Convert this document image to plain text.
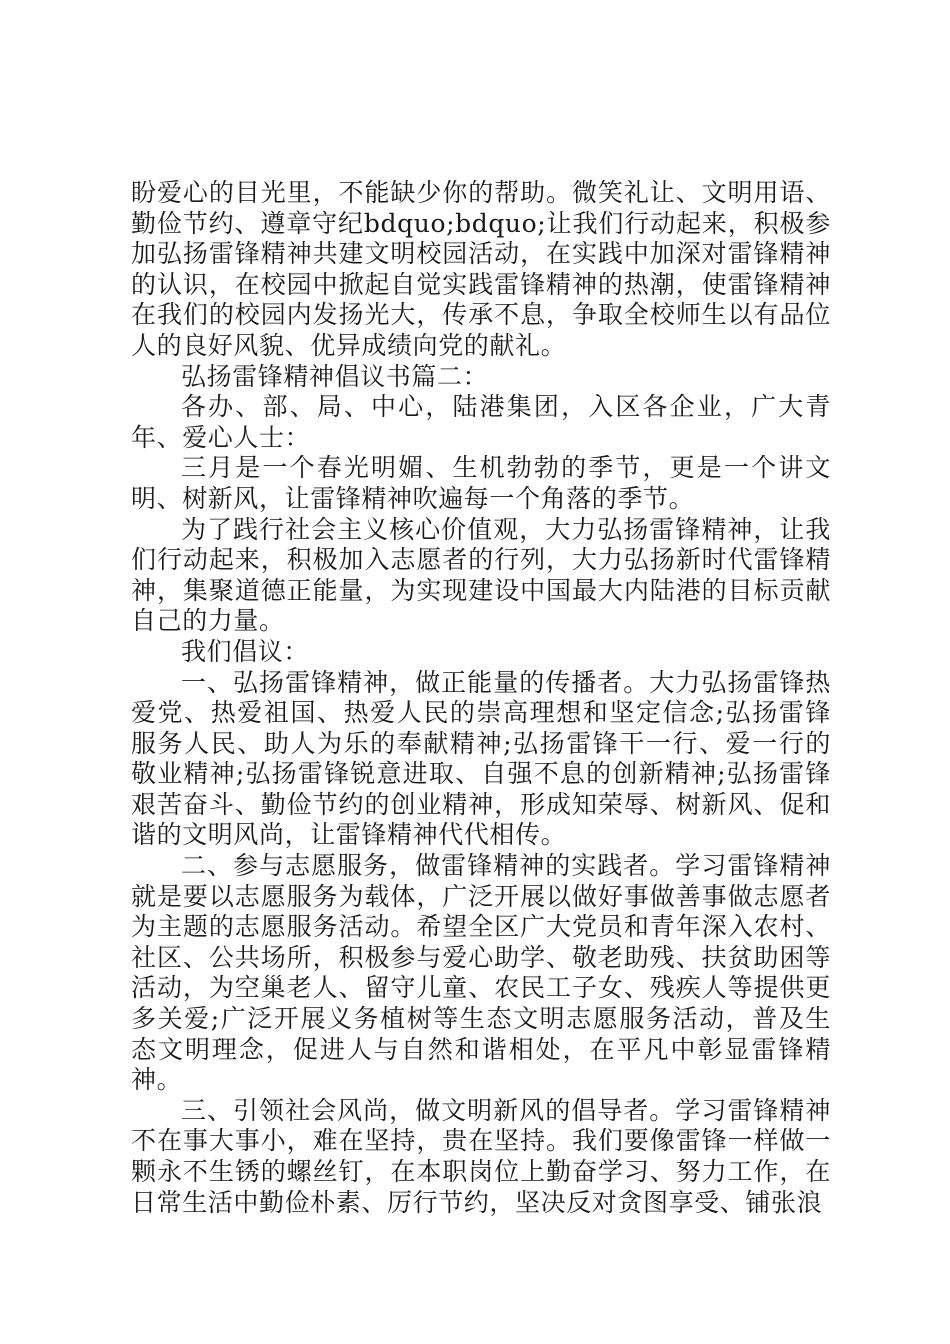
盼爱心的目光里，不能缺少你的帮助。微笑礼让、文明用语、勤俭节约、遵章守纪bdquo;bdquo;让我们行动起来，积极参加弘扬雷锋精神共建文明校园活动，在实践中加深对雷锋精神的认识，在校园中掀起自觉实践雷锋精神的热潮，使雷锋精神在我们的校园内发扬光大，传承不息，争取全校师生以有品位人的良好风貌、优异成绩向党的献礼。

弘扬雷锋精神倡议书篇二：

各办、部、局、中心，陆港集团，入区各企业，广大青年、爱心人士：

三月是一个春光明媚、生机勃勃的季节，更是一个讲文明、树新风，让雷锋精神吹遍每一个角落的季节。

为了践行社会主义核心价值观，大力弘扬雷锋精神，让我们行动起来，积极加入志愿者的行列，大力弘扬新时代雷锋精神，集聚道德正能量，为实现建设中国最大内陆港的目标贡献自己的力量。

我们倡议：

一、弘扬雷锋精神，做正能量的传播者。大力弘扬雷锋热爱党、热爱祖国、热爱人民的崇高理想和坚定信念;弘扬雷锋服务人民、助人为乐的奉献精神;弘扬雷锋干一行、爱一行的敬业精神;弘扬雷锋锐意进取、自强不息的创新精神;弘扬雷锋艰苦奋斗、勤俭节约的创业精神，形成知荣辱、树新风、促和谐的文明风尚，让雷锋精神代代相传。

二、参与志愿服务，做雷锋精神的实践者。学习雷锋精神就是要以志愿服务为载体，广泛开展以做好事做善事做志愿者为主题的志愿服务活动。希望全区广大党员和青年深入农村、社区、公共场所，积极参与爱心助学、敬老助残、扶贫助困等活动，为空巢老人、留守儿童、农民工子女、残疾人等提供更多关爱;广泛开展义务植树等生态文明志愿服务活动，普及生态文明理念，促进人与自然和谐相处，在平凡中彰显雷锋精神。

三、引领社会风尚，做文明新风的倡导者。学习雷锋精神不在事大事小，难在坚持，贵在坚持。我们要像雷锋一样做一颗永不生锈的螺丝钉，在本职岗位上勤奋学习、努力工作，在日常生活中勤俭朴素、厉行节约，坚决反对贪图享受、铺张浪
